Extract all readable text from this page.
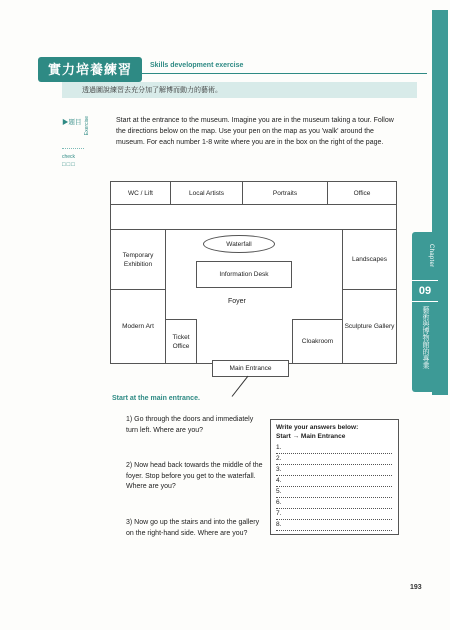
Chapter
09
藝術與博物館的專業
實力培養練習	Skills development exercise
透過圖說練習去充分加了解博而動力的藝術。
▶題目 Exercise
check
□□□
Start at the entrance to the museum. Imagine you are in the museum taking a tour. Follow the directions below on the map. Use your pen on the map as you 'walk' around the museum. For each number 1-8 write where you are in the box on the right of the page.
WC / Lift	Local Artists	Portraits	Office
Temporary Exhibition
Modern Art
Waterfall
Information Desk
Foyer
Ticket Office
Cloakroom
Landscapes
Sculpture Gallery
Main Entrance
Start at the main entrance.
1) Go through the doors and immediately turn left. Where are you?
2) Now head back towards the middle of the foyer. Stop before you get to the waterfall. Where are you?
3) Now go up the stairs and into the gallery on the right-hand side. Where are you?
Write your answers below:
Start → Main Entrance
1.
2.
3.
4.
5.
6.
7.
8.
193
